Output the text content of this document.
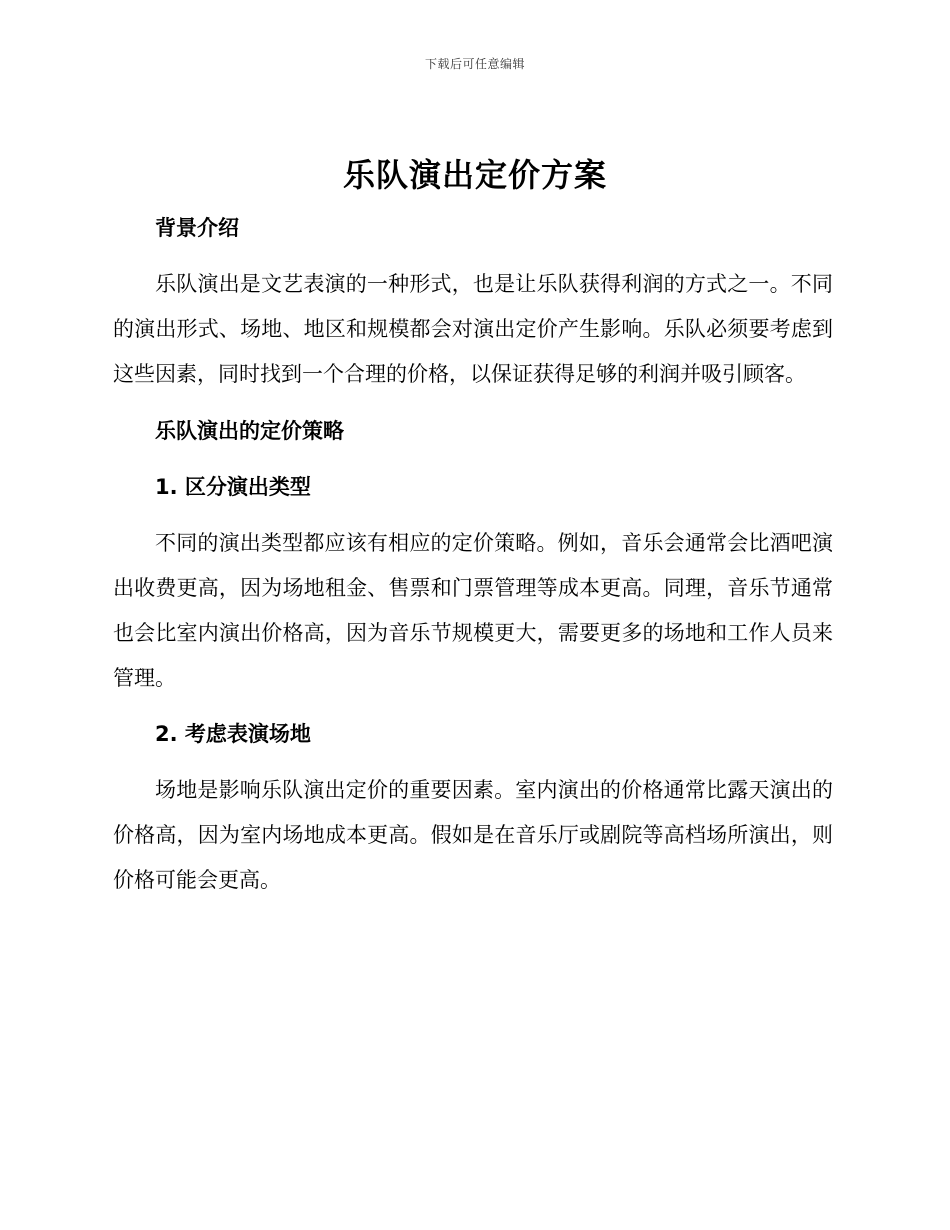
下载后可任意编辑
乐队演出定价方案

背景介绍

乐队演出是文艺表演的一种形式，也是让乐队获得利润的方式之一。不同的演出形式、场地、地区和规模都会对演出定价产生影响。乐队必须要考虑到这些因素，同时找到一个合理的价格，以保证获得足够的利润并吸引顾客。

乐队演出的定价策略

1. 区分演出类型

不同的演出类型都应该有相应的定价策略。例如，音乐会通常会比酒吧演出收费更高，因为场地租金、售票和门票管理等成本更高。同理，音乐节通常也会比室内演出价格高，因为音乐节规模更大，需要更多的场地和工作人员来管理。

2. 考虑表演场地

场地是影响乐队演出定价的重要因素。室内演出的价格通常比露天演出的价格高，因为室内场地成本更高。假如是在音乐厅或剧院等高档场所演出，则价格可能会更高。
